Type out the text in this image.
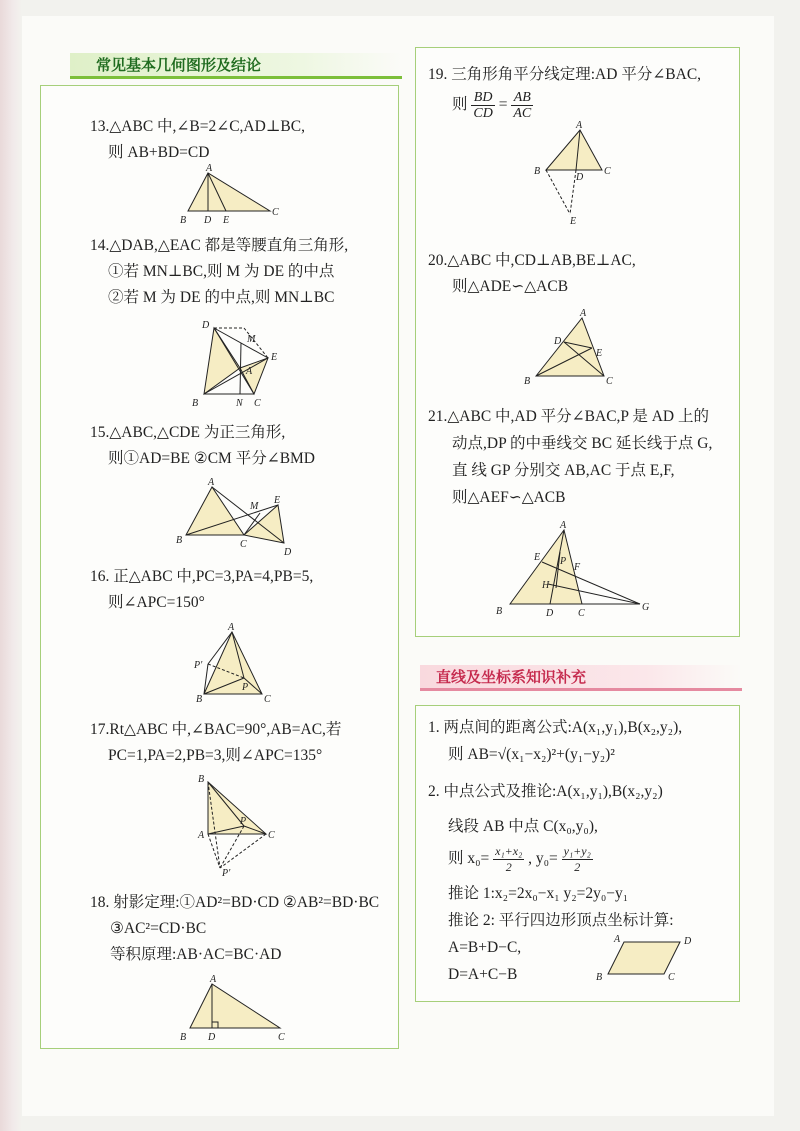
常见基本几何图形及结论
直线及坐标系知识补充
13.△ABC 中,∠B=2∠C,AD⊥BC,
则 AB+BD=CD
A
B D E
C
14.△DAB,△EAC 都是等腰直角三角形,
①若 MN⊥BC,则 M 为 DE 的中点
②若 M 为 DE 的中点,则 MN⊥BC
D
M
E
A
B	N C
15.△ABC,△CDE 为正三角形,
则①AD=BE ②CM 平分∠BMD
A
M
E
B	C
D
16. 正△ABC 中,PC=3,PA=4,PB=5,
则∠APC=150°
A
P'
P
B	C
17.Rt△ABC 中,∠BAC=90°,AB=AC,若
PC=1,PA=2,PB=3,则∠APC=135°
B
A
P
C
P'
18. 射影定理:①AD²=BD·CD ②AB²=BD·BC
③AC²=CD·BC
等积原理:AB·AC=BC·AD
A
B D	C
19. 三角形角平分线定理:AD 平分∠BAC,
则 $\frac{BD}{CD} = \frac{AB}{AC}$
A
B
D
C
E
20.△ABC 中,CD⊥AB,BE⊥AC,
则△ADE∽△ACB
A
D
E
B	C
21.△ABC 中,AD 平分∠BAC,P 是 AD 上的
动点,DP 的中垂线交 BC 延长线于点 G,
直 线 GP 分别交 AB,AC 于点 E,F,
则△AEF∽△ACB
A
E P
F
H
B	D C
G
1. 两点间的距离公式:A(x₁,y₁),B(x₂,y₂),
则 AB=√(x₁−x₂)²+(y₁−y₂)²
2. 中点公式及推论:A(x₁,y₁),B(x₂,y₂)
线段 AB 中点 C(x₀,y₀),
则 $x_0= \frac{\text{x₁+x₂}}{2}$ , $y_0= \frac{\text{y₁+y₂}}{2}$
推论 1:x₂=2x₀−x₁ y₂=2y₀−y₁
推论 2: 平行四边形顶点坐标计算:
A=B+D−C,
D=A+C−B
A	D
B	C
